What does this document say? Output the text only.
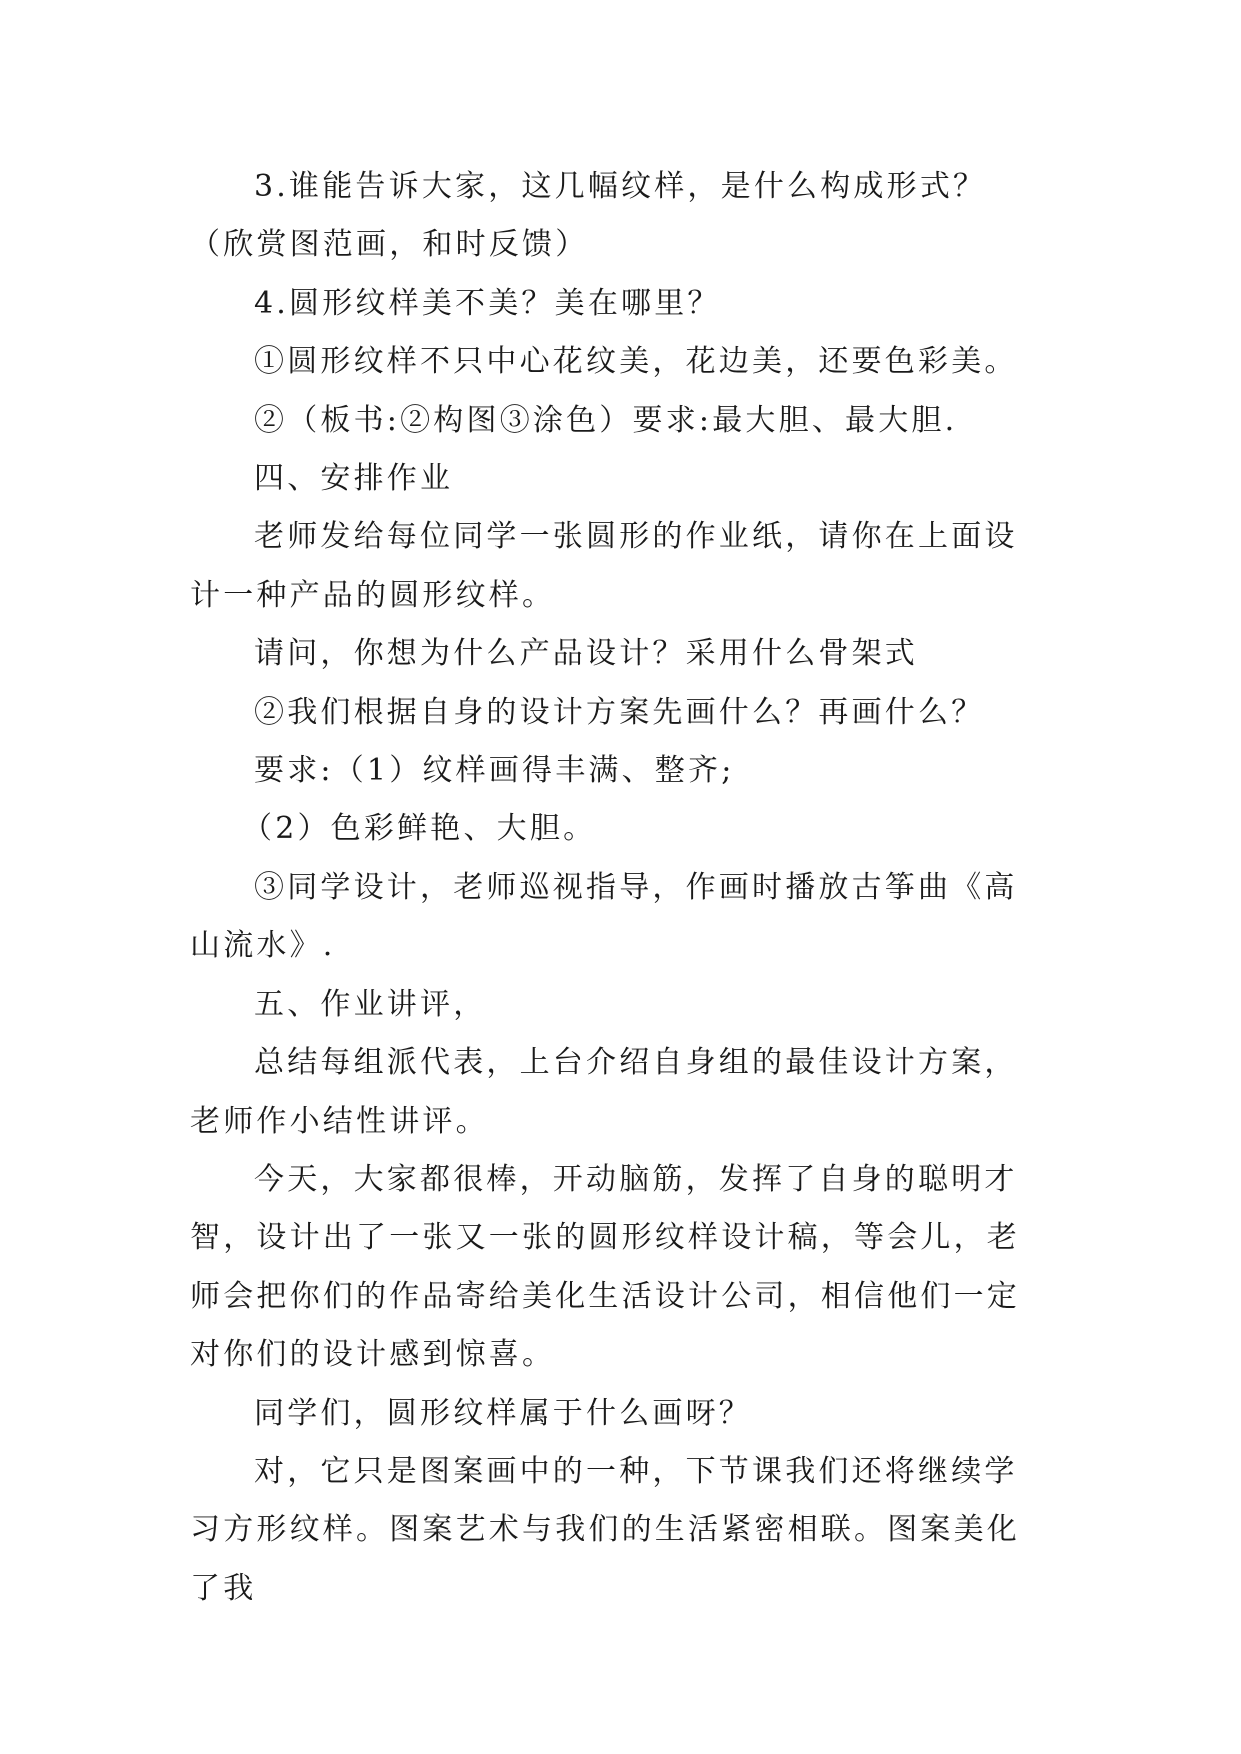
3.谁能告诉大家，这几幅纹样，是什么构成形式？（欣赏图范画，和时反馈）

4.圆形纹样美不美？美在哪里？

①圆形纹样不只中心花纹美，花边美，还要色彩美。

②（板书:②构图③涂色）要求:最大胆、最大胆.

四、安排作业

老师发给每位同学一张圆形的作业纸，请你在上面设计一种产品的圆形纹样。

请问，你想为什么产品设计？采用什么骨架式

②我们根据自身的设计方案先画什么？再画什么？

要求:（1）纹样画得丰满、整齐;

（2）色彩鲜艳、大胆。

③同学设计，老师巡视指导，作画时播放古筝曲《高山流水》.

五、作业讲评，

总结每组派代表，上台介绍自身组的最佳设计方案，老师作小结性讲评。

今天，大家都很棒，开动脑筋，发挥了自身的聪明才智，设计出了一张又一张的圆形纹样设计稿，等会儿，老师会把你们的作品寄给美化生活设计公司，相信他们一定对你们的设计感到惊喜。

同学们，圆形纹样属于什么画呀？

对，它只是图案画中的一种，下节课我们还将继续学习方形纹样。图案艺术与我们的生活紧密相联。图案美化了我
